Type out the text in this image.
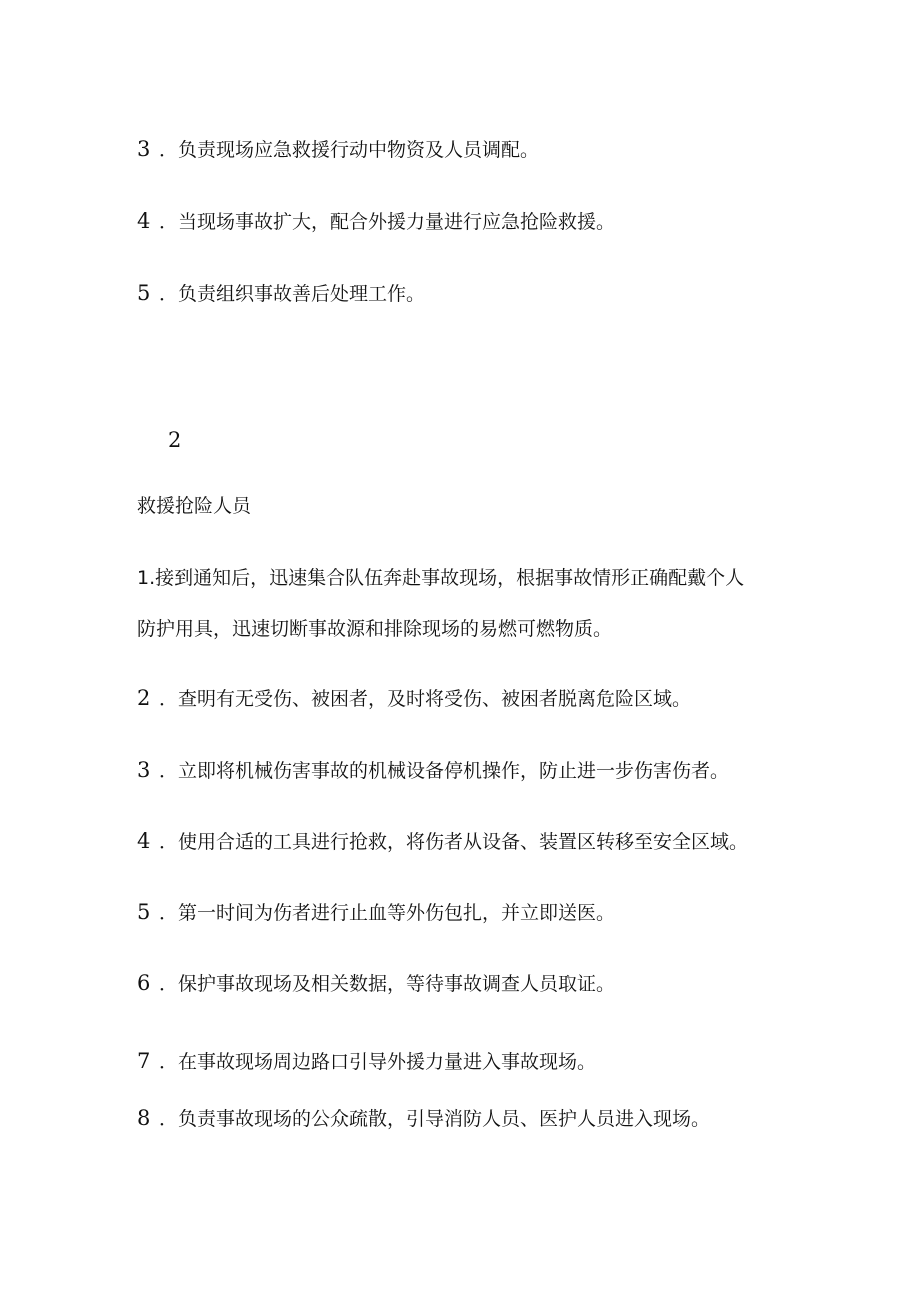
3 ．负责现场应急救援行动中物资及人员调配。

4 ．当现场事故扩大，配合外援力量进行应急抢险救援。

5 ．负责组织事故善后处理工作。

2

救援抢险人员

1.接到通知后，迅速集合队伍奔赴事故现场，根据事故情形正确配戴个人

防护用具，迅速切断事故源和排除现场的易燃可燃物质。

2 ．查明有无受伤、被困者，及时将受伤、被困者脱离危险区域。

3 ．立即将机械伤害事故的机械设备停机操作，防止进一步伤害伤者。

4 ．使用合适的工具进行抢救，将伤者从设备、装置区转移至安全区域。

5 ．第一时间为伤者进行止血等外伤包扎，并立即送医。

6 ．保护事故现场及相关数据，等待事故调查人员取证。

7 ．在事故现场周边路口引导外援力量进入事故现场。

8 ．负责事故现场的公众疏散，引导消防人员、医护人员进入现场。
